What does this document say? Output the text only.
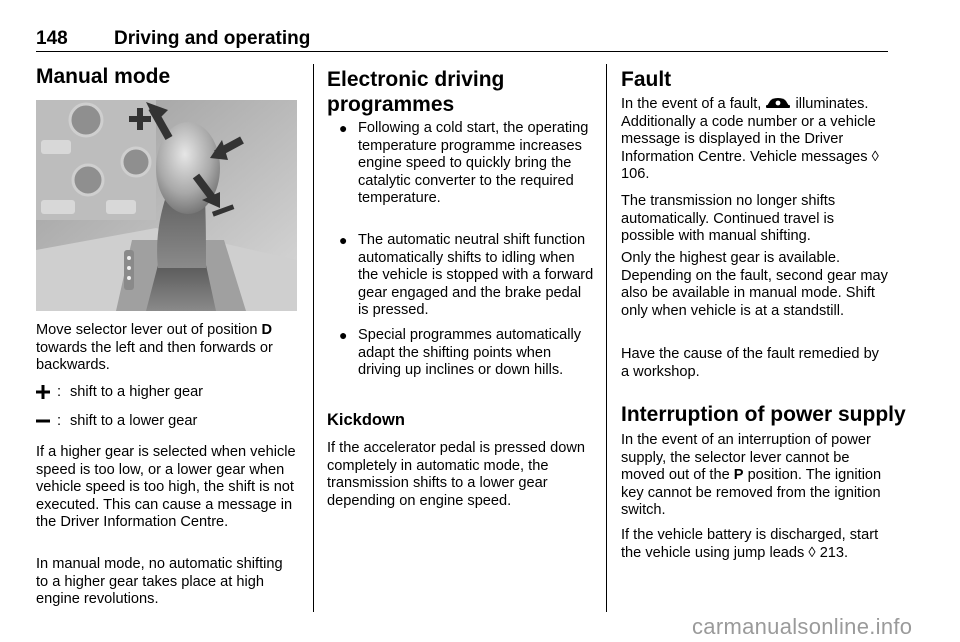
148 Driving and operating
Manual mode

Move selector lever out of position D towards the left and then forwards or backwards.

: shift to a higher gear
: shift to a lower gear

If a higher gear is selected when vehicle speed is too low, or a lower gear when vehicle speed is too high, the shift is not executed. This can cause a message in the Driver Information Centre.

In manual mode, no automatic shifting to a higher gear takes place at high engine revolutions.

Electronic driving programmes
● Following a cold start, the operating temperature programme increases engine speed to quickly bring the catalytic converter to the required temperature.

● The automatic neutral shift function automatically shifts to idling when the vehicle is stopped with a forward gear engaged and the brake pedal is pressed.

● Special programmes automatically adapt the shifting points when driving up inclines or down hills.

Kickdown

If the accelerator pedal is pressed down completely in automatic mode, the transmission shifts to a lower gear depending on engine speed.

Fault

In the event of a fault,  illuminates. Additionally a code number or a vehicle message is displayed in the Driver Information Centre. Vehicle messages ◊ 106.

The transmission no longer shifts automatically. Continued travel is possible with manual shifting.

Only the highest gear is available. Depending on the fault, second gear may also be available in manual mode. Shift only when vehicle is at a standstill.

Have the cause of the fault remedied by a workshop.

Interruption of power supply

In the event of an interruption of power supply, the selector lever cannot be moved out of the P position. The ignition key cannot be removed from the ignition switch.

If the vehicle battery is discharged, start the vehicle using jump leads ◊ 213.

carmanualsonline.info
